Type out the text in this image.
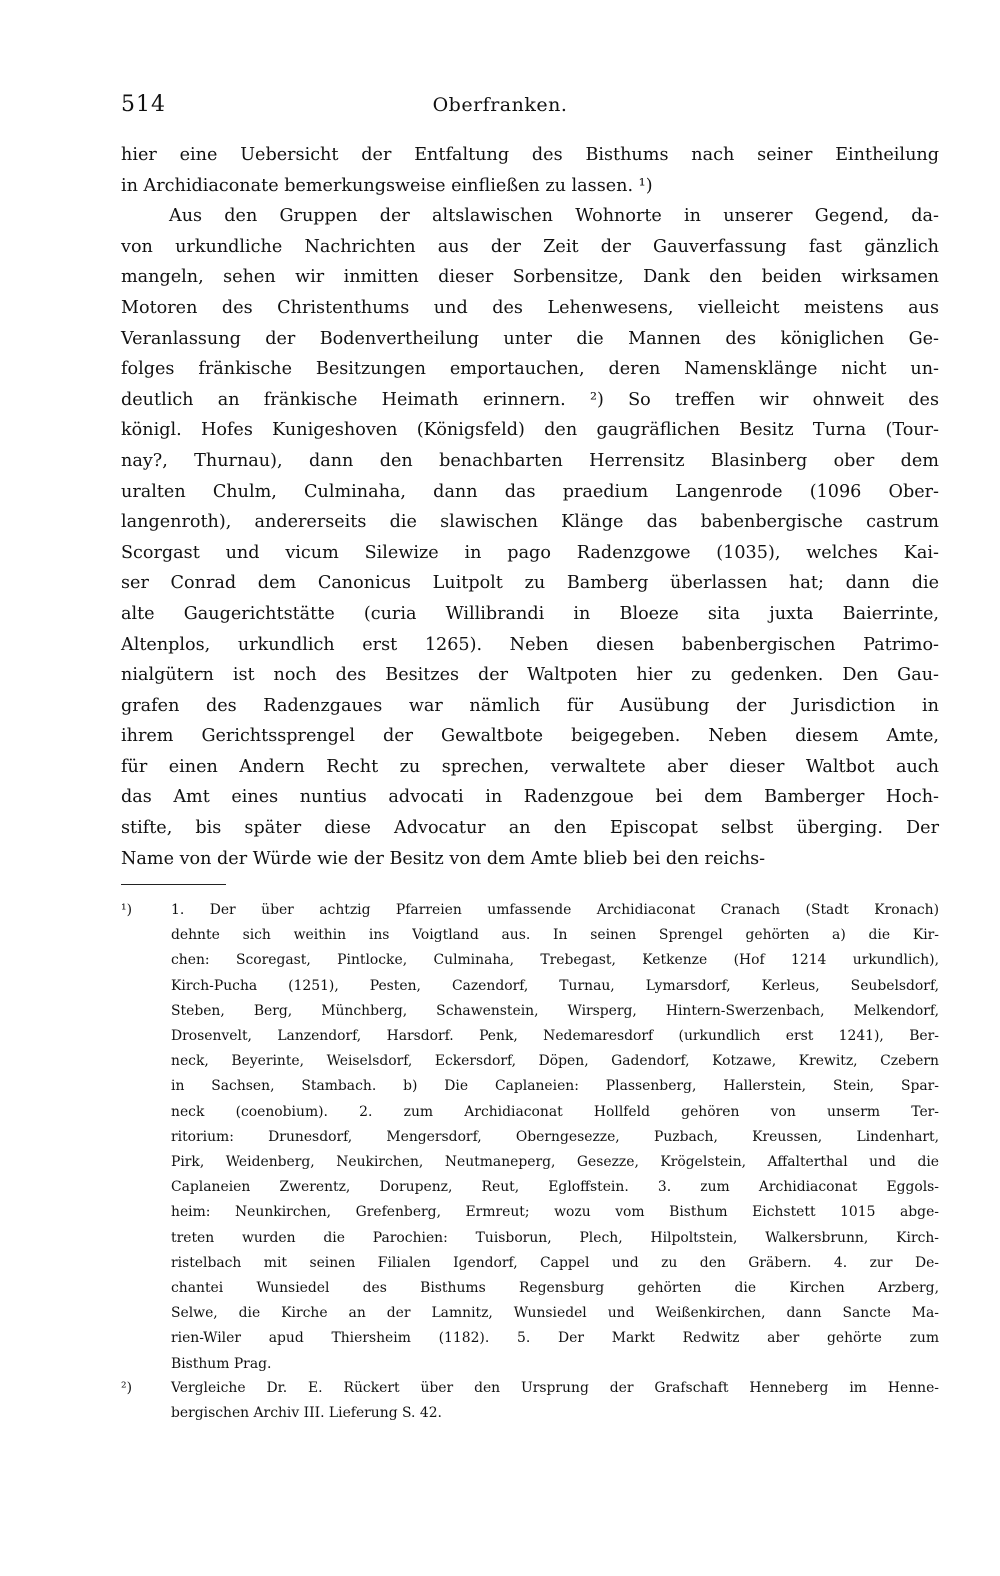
514	Oberfranken.
hier eine Uebersicht der Entfaltung des Bisthums nach seiner Eintheilung
in Archidiaconate bemerkungsweise einfließen zu lassen. ¹)
Aus den Gruppen der altslawischen Wohnorte in unserer Gegend, da-
von urkundliche Nachrichten aus der Zeit der Gauverfassung fast gänzlich
mangeln, sehen wir inmitten dieser Sorbensitze, Dank den beiden wirksamen
Motoren des Christenthums und des Lehenwesens, vielleicht meistens aus
Veranlassung der Bodenvertheilung unter die Mannen des königlichen Ge-
folges fränkische Besitzungen emportauchen, deren Namensklänge nicht un-
deutlich an fränkische Heimath erinnern. ²) So treffen wir ohnweit des
königl. Hofes Kunigeshoven (Königsfeld) den gaugräflichen Besitz Turna (Tour-
nay?, Thurnau), dann den benachbarten Herrensitz Blasinberg ober dem
uralten Chulm, Culminaha, dann das praedium Langenrode (1096 Ober-
langenroth), andererseits die slawischen Klänge das babenbergische castrum
Scorgast und vicum Silewize in pago Radenzgowe (1035), welches Kai-
ser Conrad dem Canonicus Luitpolt zu Bamberg überlassen hat; dann die
alte Gaugerichtstätte (curia Willibrandi in Bloeze sita juxta Baierrinte,
Altenplos, urkundlich erst 1265). Neben diesen babenbergischen Patrimo-
nialgütern ist noch des Besitzes der Waltpoten hier zu gedenken. Den Gau-
grafen des Radenzgaues war nämlich für Ausübung der Jurisdiction in
ihrem Gerichtssprengel der Gewaltbote beigegeben. Neben diesem Amte,
für einen Andern Recht zu sprechen, verwaltete aber dieser Waltbot auch
das Amt eines nuntius advocati in Radenzgoue bei dem Bamberger Hoch-
stifte, bis später diese Advocatur an den Episcopat selbst überging. Der
Name von der Würde wie der Besitz von dem Amte blieb bei den reichs-
¹)	1. Der über achtzig Pfarreien umfassende Archidiaconat Cranach (Stadt Kronach)
dehnte sich weithin ins Voigtland aus. In seinen Sprengel gehörten a) die Kir-
chen: Scoregast, Pintlocke, Culminaha, Trebegast, Ketkenze (Hof 1214 urkundlich),
Kirch-Pucha (1251), Pesten, Cazendorf, Turnau, Lymarsdorf, Kerleus, Seubelsdorf,
Steben, Berg, Münchberg, Schawenstein, Wirsperg, Hintern-Swerzenbach, Melkendorf,
Drosenvelt, Lanzendorf, Harsdorf. Penk, Nedemaresdorf (urkundlich erst 1241), Ber-
neck, Beyerinte, Weiselsdorf, Eckersdorf, Döpen, Gadendorf, Kotzawe, Krewitz, Czebern
in Sachsen, Stambach. b) Die Caplaneien: Plassenberg, Hallerstein, Stein, Spar-
neck (coenobium). 2. zum Archidiaconat Hollfeld gehören von unserm Ter-
ritorium: Drunesdorf, Mengersdorf, Oberngesezze, Puzbach, Kreussen, Lindenhart,
Pirk, Weidenberg, Neukirchen, Neutmaneperg, Gesezze, Krögelstein, Affalterthal und die
Caplaneien Zwerentz, Dorupenz, Reut, Egloffstein. 3. zum Archidiaconat Eggols-
heim: Neunkirchen, Grefenberg, Ermreut; wozu vom Bisthum Eichstett 1015 abge-
treten wurden die Parochien: Tuisborun, Plech, Hilpoltstein, Walkersbrunn, Kirch-
ristelbach mit seinen Filialen Igendorf, Cappel und zu den Gräbern. 4. zur De-
chantei Wunsiedel des Bisthums Regensburg gehörten die Kirchen Arzberg,
Selwe, die Kirche an der Lamnitz, Wunsiedel und Weißenkirchen, dann Sancte Ma-
rien-Wiler apud Thiersheim (1182). 5. Der Markt Redwitz aber gehörte zum
Bisthum Prag.
²)	Vergleiche Dr. E. Rückert über den Ursprung der Grafschaft Henneberg im Henne-
bergischen Archiv III. Lieferung S. 42.
